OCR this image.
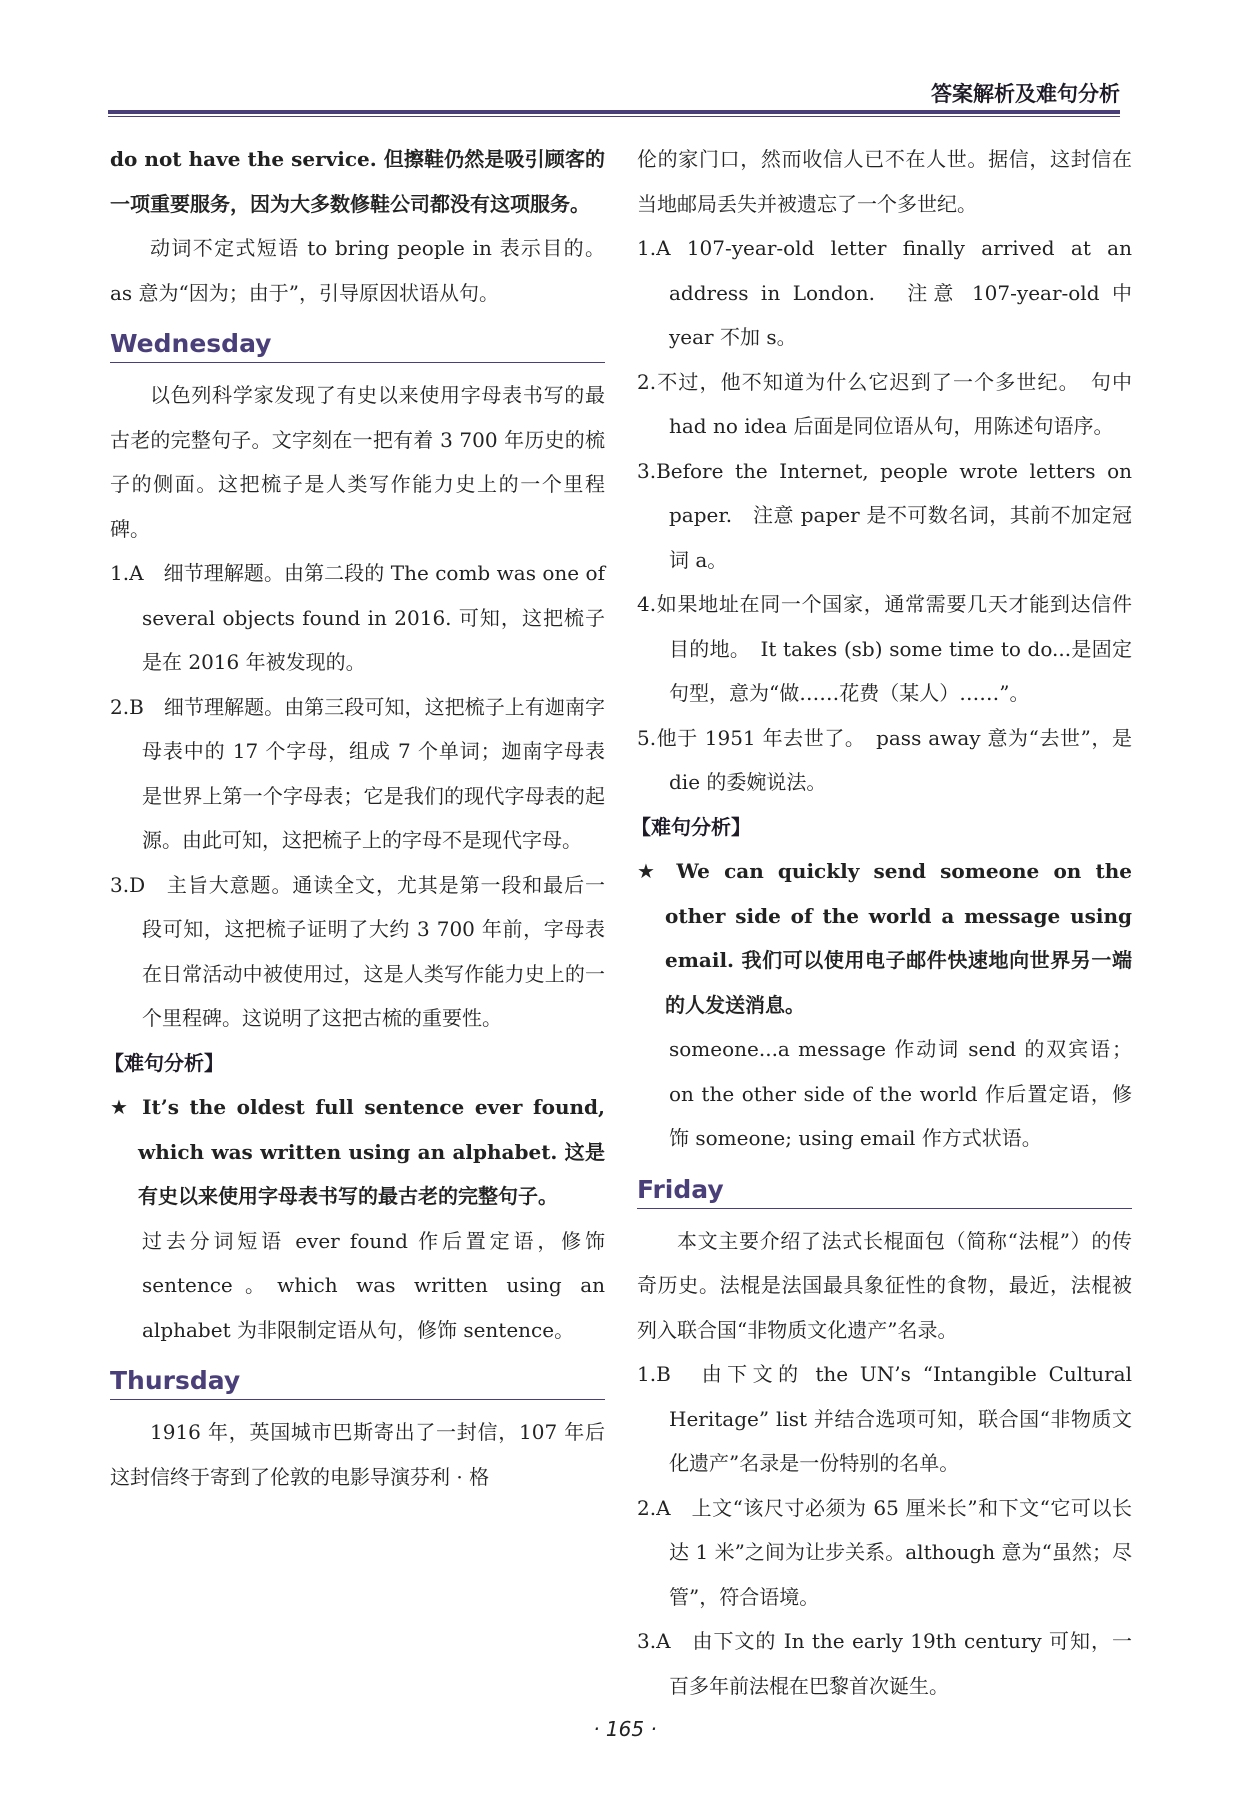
答案解析及难句分析

do not have the service. 但擦鞋仍然是吸引顾客的一项重要服务，因为大多数修鞋公司都没有这项服务。

动词不定式短语 to bring people in 表示目的。as 意为“因为；由于”，引导原因状语从句。

Wednesday

以色列科学家发现了有史以来使用字母表书写的最古老的完整句子。文字刻在一把有着 3 700 年历史的梳子的侧面。这把梳子是人类写作能力史上的一个里程碑。

1.A　细节理解题。由第二段的 The comb was one of several objects found in 2016. 可知，这把梳子是在 2016 年被发现的。

2.B　细节理解题。由第三段可知，这把梳子上有迦南字母表中的 17 个字母，组成 7 个单词；迦南字母表是世界上第一个字母表；它是我们的现代字母表的起源。由此可知，这把梳子上的字母不是现代字母。

3.D　主旨大意题。通读全文，尤其是第一段和最后一段可知，这把梳子证明了大约 3 700 年前，字母表在日常活动中被使用过，这是人类写作能力史上的一个里程碑。这说明了这把古梳的重要性。

【难句分析】

★ It’s the oldest full sentence ever found, which was written using an alphabet. 这是有史以来使用字母表书写的最古老的完整句子。

过去分词短语 ever found 作后置定语，修饰 sentence。which was written using an alphabet 为非限制定语从句，修饰 sentence。

Thursday

1916 年，英国城市巴斯寄出了一封信，107 年后这封信终于寄到了伦敦的电影导演芬利 · 格

伦的家门口，然而收信人已不在人世。据信，这封信在当地邮局丢失并被遗忘了一个多世纪。

1.A 107-year-old letter finally arrived at an address in London.　注意 107-year-old 中 year 不加 s。

2.不过，他不知道为什么它迟到了一个多世纪。　句中 had no idea 后面是同位语从句，用陈述句语序。

3.Before the Internet, people wrote letters on paper.　注意 paper 是不可数名词，其前不加定冠词 a。

4.如果地址在同一个国家，通常需要几天才能到达信件目的地。　It takes (sb) some time to do...是固定句型，意为“做……花费（某人）……”。

5.他于 1951 年去世了。　pass away 意为“去世”，是 die 的委婉说法。

【难句分析】

★ We can quickly send someone on the other side of the world a message using email. 我们可以使用电子邮件快速地向世界另一端的人发送消息。

someone...a message 作动词 send 的双宾语；on the other side of the world 作后置定语，修饰 someone; using email 作方式状语。

Friday

本文主要介绍了法式长棍面包（简称“法棍”）的传奇历史。法棍是法国最具象征性的食物，最近，法棍被列入联合国“非物质文化遗产”名录。

1.B　由下文的 the UN’s “Intangible Cultural Heritage” list 并结合选项可知，联合国“非物质文化遗产”名录是一份特别的名单。

2.A　上文“该尺寸必须为 65 厘米长”和下文“它可以长达 1 米”之间为让步关系。although 意为“虽然；尽管”，符合语境。

3.A　由下文的 In the early 19th century 可知，一百多年前法棍在巴黎首次诞生。

· 165 ·
